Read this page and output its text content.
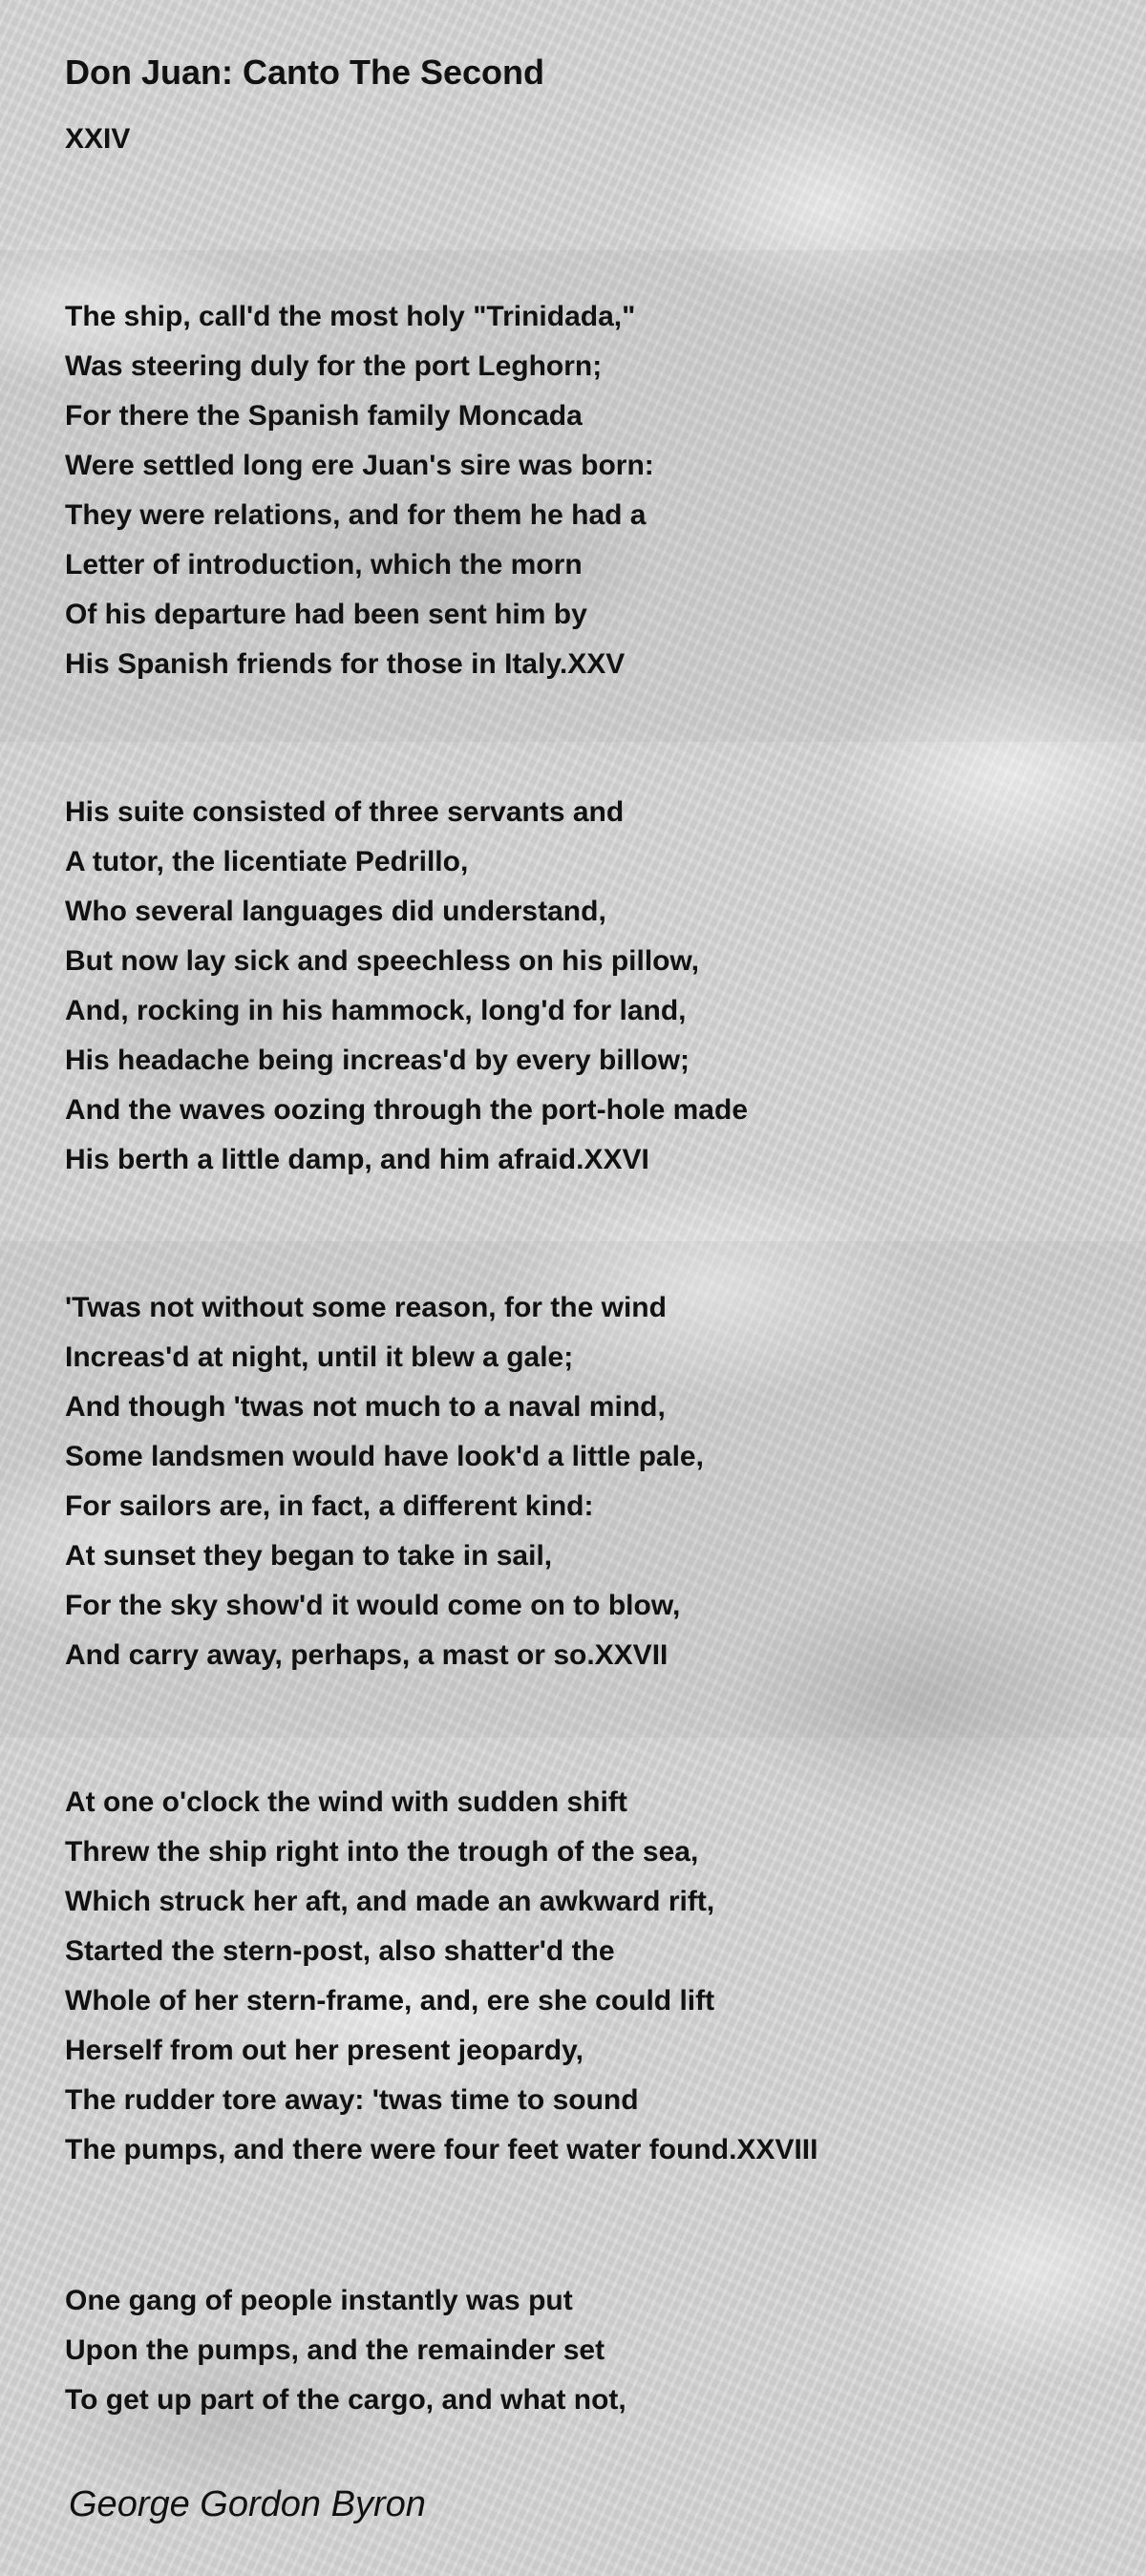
Don Juan: Canto The Second
XXIV
The ship, call'd the most holy "Trinidada,"
Was steering duly for the port Leghorn;
For there the Spanish family Moncada
Were settled long ere Juan's sire was born:
They were relations, and for them he had a
Letter of introduction, which the morn
Of his departure had been sent him by
His Spanish friends for those in Italy.XXV
His suite consisted of three servants and
A tutor, the licentiate Pedrillo,
Who several languages did understand,
But now lay sick and speechless on his pillow,
And, rocking in his hammock, long'd for land,
His headache being increas'd by every billow;
And the waves oozing through the port-hole made
His berth a little damp, and him afraid.XXVI
'Twas not without some reason, for the wind
Increas'd at night, until it blew a gale;
And though 'twas not much to a naval mind,
Some landsmen would have look'd a little pale,
For sailors are, in fact, a different kind:
At sunset they began to take in sail,
For the sky show'd it would come on to blow,
And carry away, perhaps, a mast or so.XXVII
At one o'clock the wind with sudden shift
Threw the ship right into the trough of the sea,
Which struck her aft, and made an awkward rift,
Started the stern-post, also shatter'd the
Whole of her stern-frame, and, ere she could lift
Herself from out her present jeopardy,
The rudder tore away: 'twas time to sound
The pumps, and there were four feet water found.XXVIII
One gang of people instantly was put
Upon the pumps, and the remainder set
To get up part of the cargo, and what not,
George Gordon Byron
